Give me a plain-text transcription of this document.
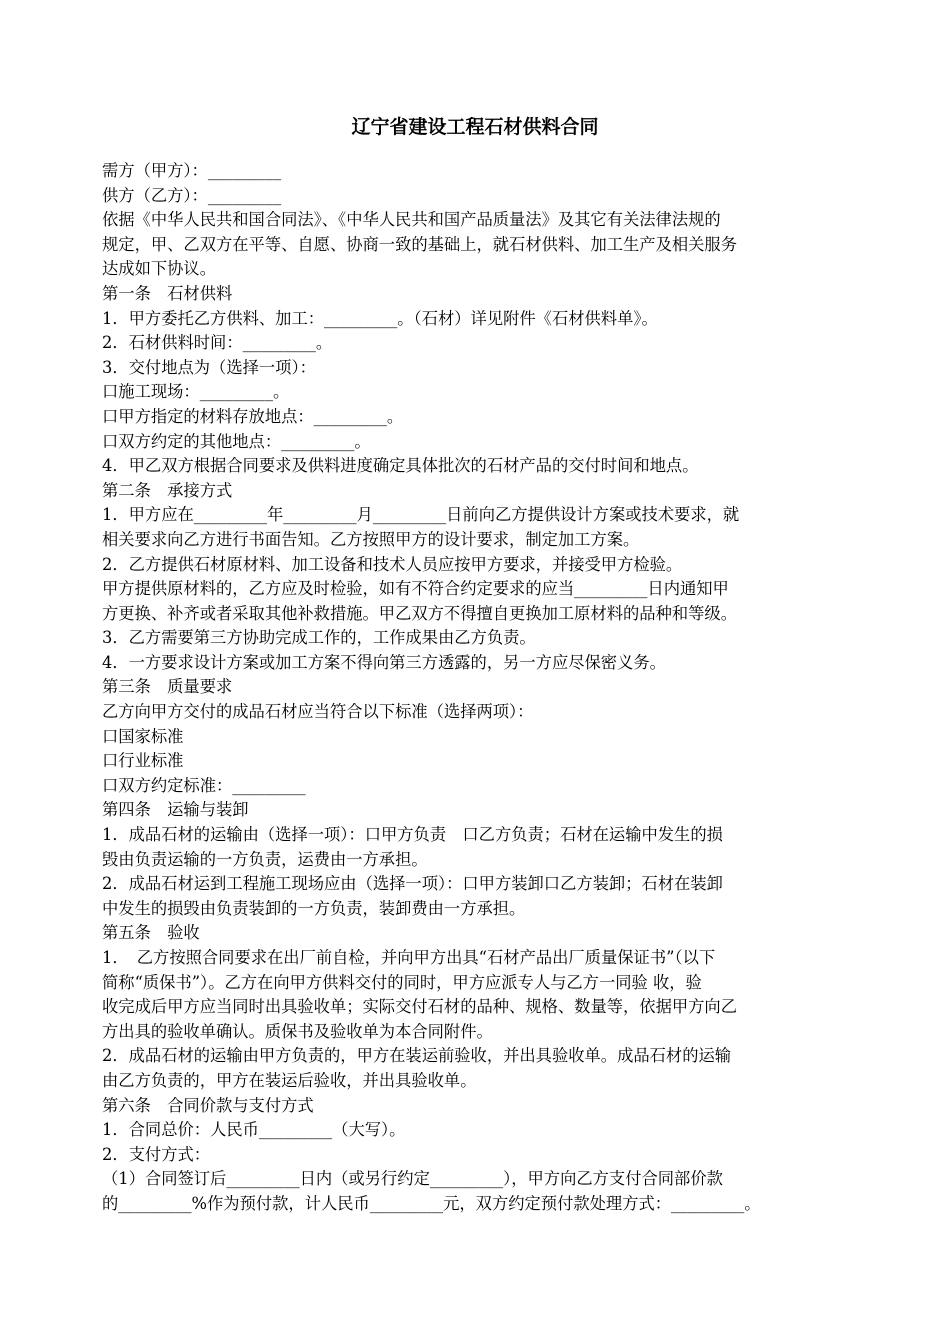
辽宁省建设工程石材供料合同

需方（甲方）：_________

供方（乙方）：_________

依据《中华人民共和国合同法》、《中华人民共和国产品质量法》及其它有关法律法规的

规定，甲、乙双方在平等、自愿、协商一致的基础上，就石材供料、加工生产及相关服务

达成如下协议。

第一条　石材供料

1．甲方委托乙方供料、加工：_________。（石材）详见附件《石材供料单》。

2．石材供料时间：_________。

3．交付地点为（选择一项）：

口施工现场：_________。

口甲方指定的材料存放地点：_________。

口双方约定的其他地点：_________。

4．甲乙双方根据合同要求及供料进度确定具体批次的石材产品的交付时间和地点。

第二条　承接方式

1．甲方应在_________年_________月_________日前向乙方提供设计方案或技术要求，就

相关要求向乙方进行书面告知。乙方按照甲方的设计要求，制定加工方案。

2．乙方提供石材原材料、加工设备和技术人员应按甲方要求，并接受甲方检验。

甲方提供原材料的，乙方应及时检验，如有不符合约定要求的应当_________日内通知甲

方更换、补齐或者采取其他补救措施。甲乙双方不得擅自更换加工原材料的品种和等级。

3．乙方需要第三方协助完成工作的，工作成果由乙方负责。

4．一方要求设计方案或加工方案不得向第三方透露的，另一方应尽保密义务。

第三条　质量要求

乙方向甲方交付的成品石材应当符合以下标准（选择两项）：

口国家标准

口行业标准

口双方约定标准：_________

第四条　运输与装卸

1．成品石材的运输由（选择一项）：口甲方负责　口乙方负责；石材在运输中发生的损

毁由负责运输的一方负责，运费由一方承担。

2．成品石材运到工程施工现场应由（选择一项）：口甲方装卸口乙方装卸；石材在装卸

中发生的损毁由负责装卸的一方负责，装卸费由一方承担。

第五条　验收

1．　乙方按照合同要求在出厂前自检，并向甲方出具“石材产品出厂质量保证书”（以下

简称“质保书”）。乙方在向甲方供料交付的同时，甲方应派专人与乙方一同验 收，验

收完成后甲方应当同时出具验收单；实际交付石材的品种、规格、数量等，依据甲方向乙

方出具的验收单确认。质保书及验收单为本合同附件。

2．成品石材的运输由甲方负责的，甲方在装运前验收，并出具验收单。成品石材的运输

由乙方负责的，甲方在装运后验收，并出具验收单。

第六条　合同价款与支付方式

1．合同总价：人民币_________（大写）。

2．支付方式：

（1）合同签订后_________日内（或另行约定_________），甲方向乙方支付合同部价款

的_________%作为预付款，计人民币_________元，双方约定预付款处理方式：_________。
